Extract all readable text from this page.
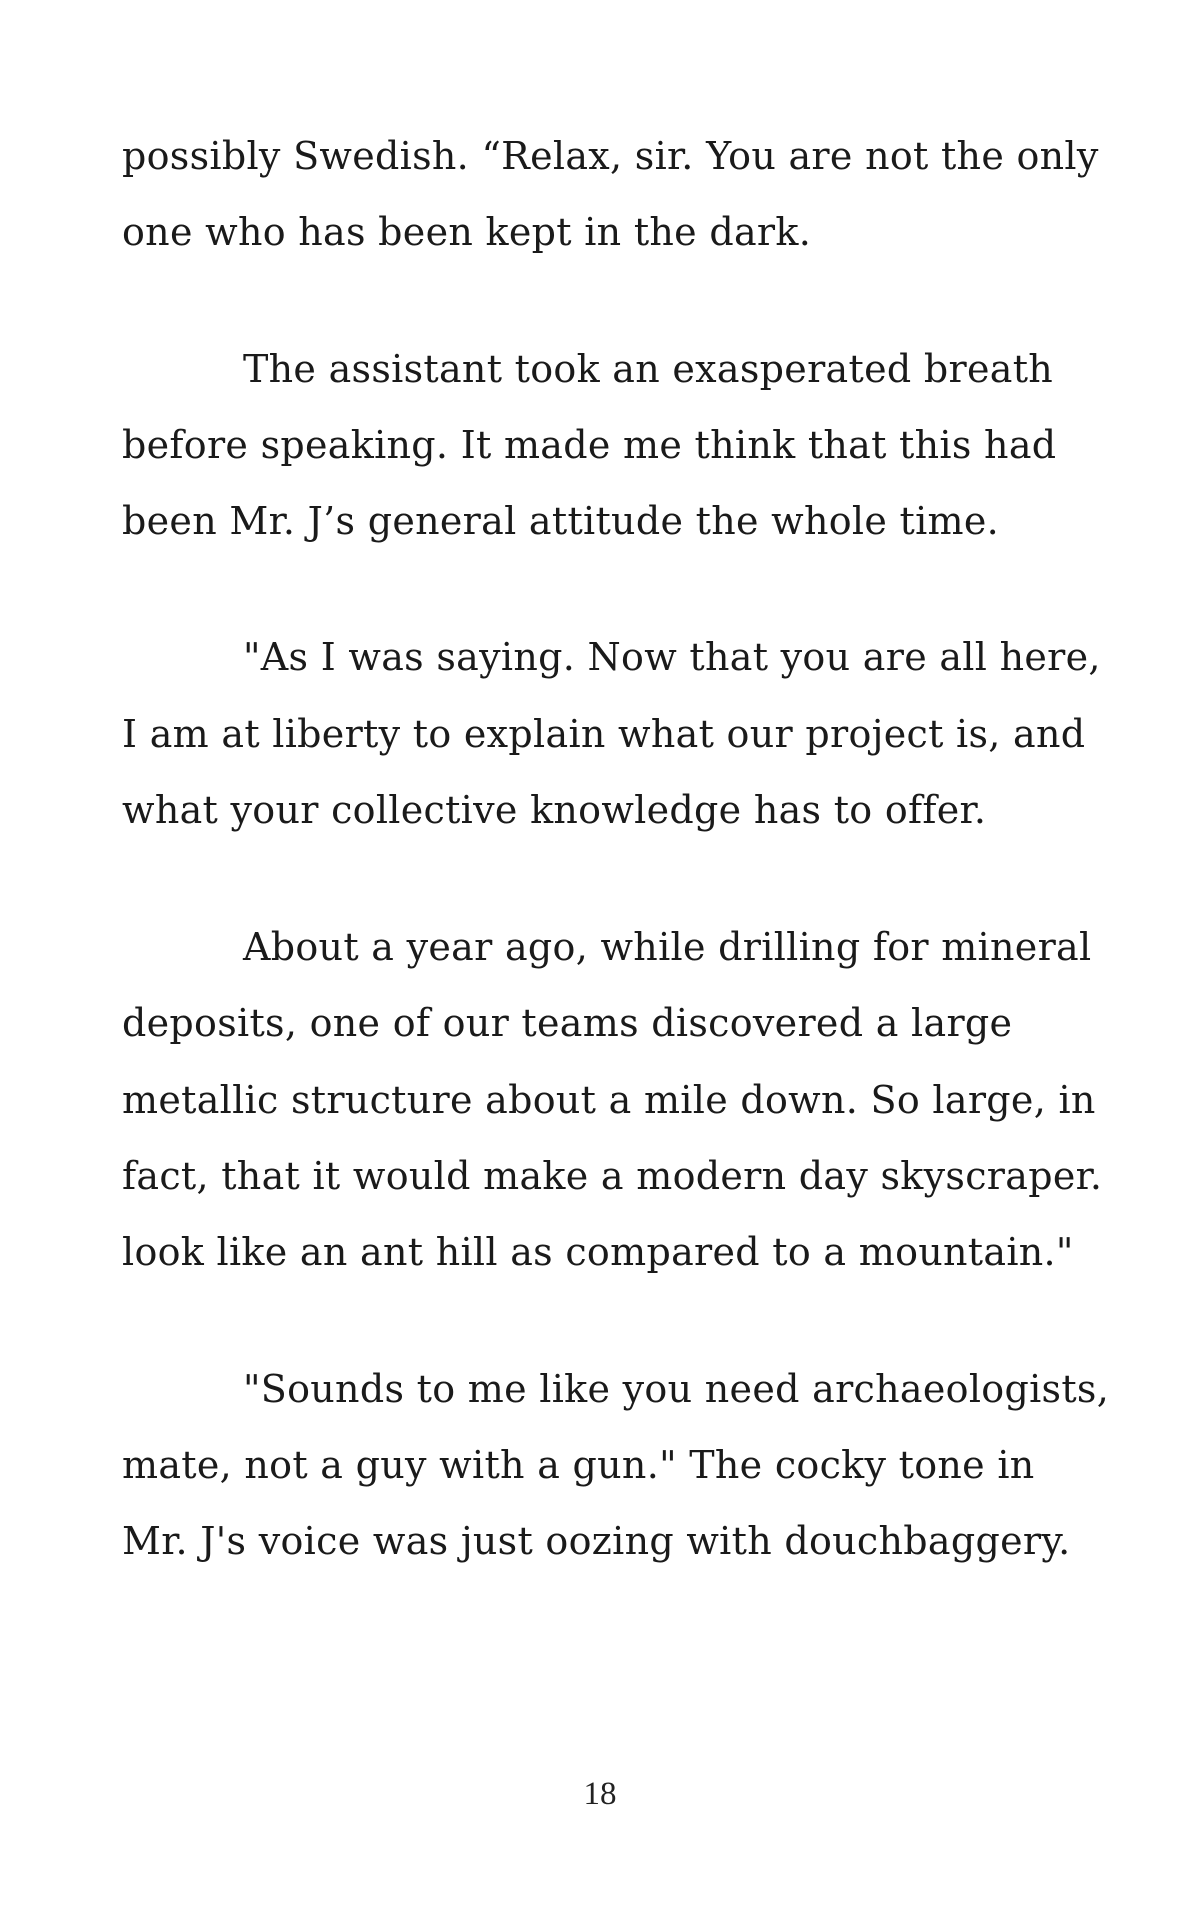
possibly Swedish. “Relax, sir. You are not the only
one who has been kept in the dark.
The assistant took an exasperated breath
before speaking. It made me think that this had
been Mr. J’s general attitude the whole time.
"As I was saying. Now that you are all here,
I am at liberty to explain what our project is, and
what your collective knowledge has to offer.
About a year ago, while drilling for mineral
deposits, one of our teams discovered a large
metallic structure about a mile down. So large, in
fact, that it would make a modern day skyscraper.
look like an ant hill as compared to a mountain."
"Sounds to me like you need archaeologists,
mate, not a guy with a gun." The cocky tone in
Mr. J's voice was just oozing with douchbaggery.
18
